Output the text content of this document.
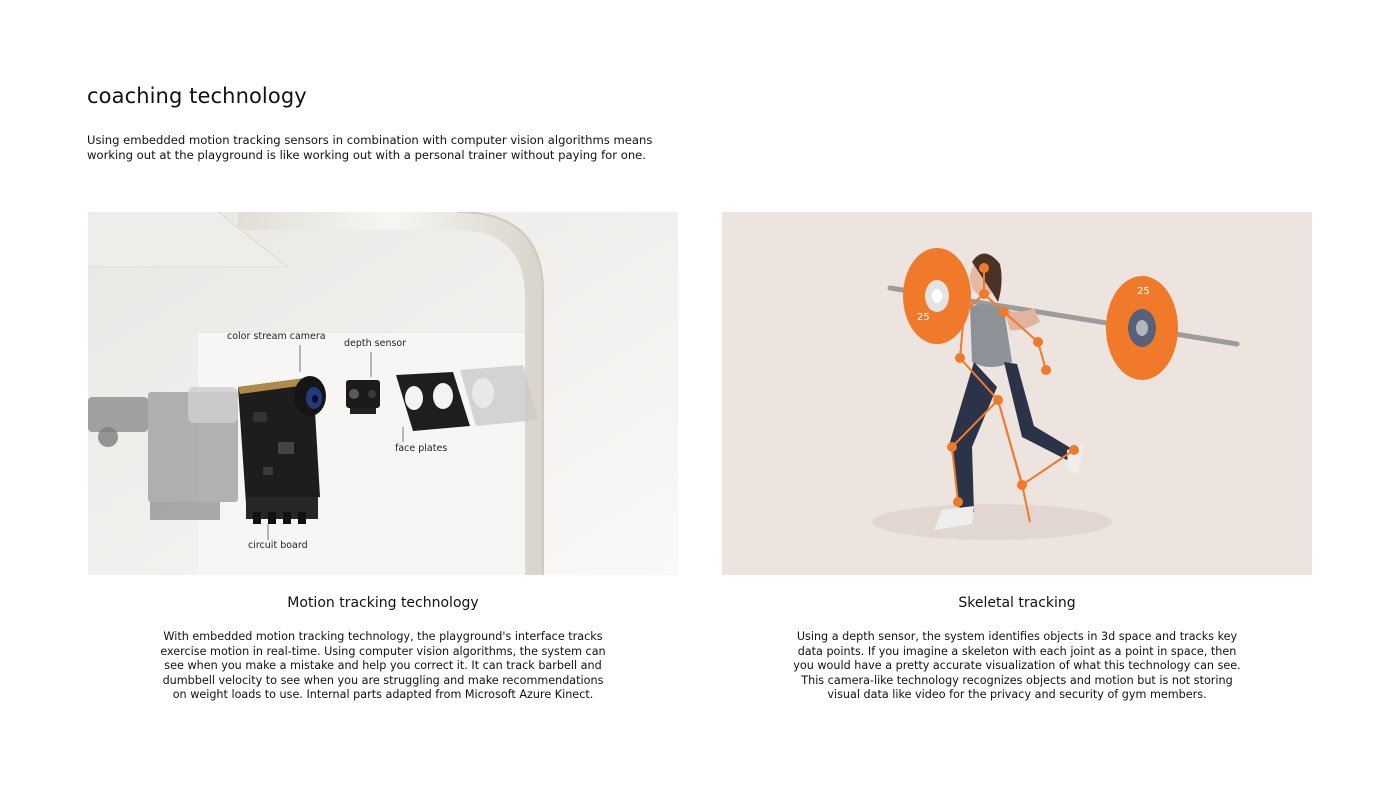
coaching technology

Using embedded motion tracking sensors in combination with computer vision algorithms means working out at the playground is like working out with a personal trainer without paying for one.

color stream camera
depth sensor
face plates
circuit board
25
25
Motion tracking technology

With embedded motion tracking technology, the playground's interface tracks exercise motion in real-time. Using computer vision algorithms, the system can see when you make a mistake and help you correct it. It can track barbell and dumbbell velocity to see when you are struggling and make recommendations on weight loads to use. Internal parts adapted from Microsoft Azure Kinect.

Skeletal tracking

Using a depth sensor, the system identifies objects in 3d space and tracks key data points. If you imagine a skeleton with each joint as a point in space, then you would have a pretty accurate visualization of what this technology can see. This camera-like technology recognizes objects and motion but is not storing visual data like video for the privacy and security of gym members.
